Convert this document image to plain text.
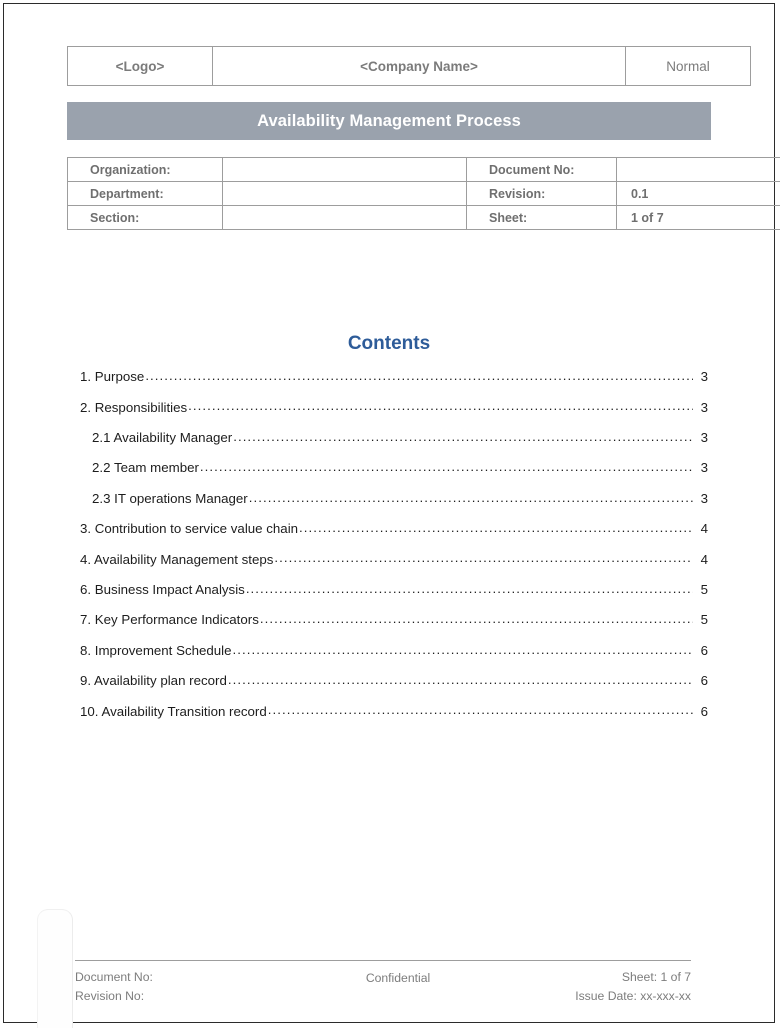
<Logo>	<Company Name>	Normal
Availability Management Process
Organization:		Document No:	
Department:		Revision:	0.1
Section:		Sheet:	1 of 7
Contents
1. Purpose .....	3
2. Responsibilities .....	3
2.1 Availability Manager .....	3
2.2 Team member .....	3
2.3 IT operations Manager .....	3
3. Contribution to service value chain .....	4
4. Availability Management steps .....	4
6. Business Impact Analysis .....	5
7. Key Performance Indicators .....	5
8. Improvement Schedule .....	6
9. Availability plan record .....	6
10. Availability Transition record .....	6
Document No:	Confidential	Sheet: 1 of 7
Revision No:	Issue Date: xx-xxx-xx
